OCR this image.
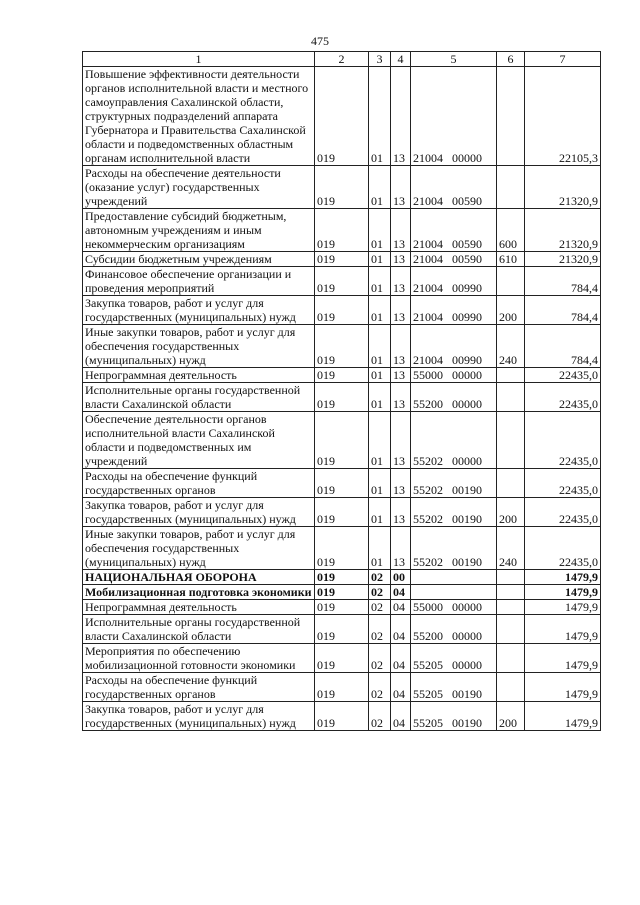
475
1	2	3	4	5	6	7
Повышение эффективности деятельности органов исполнительной власти и местного самоуправления Сахалинской области, структурных подразделений аппарата Губернатора и Правительства Сахалинской области и подведомственных областным органам исполнительной власти	019	01	13	21004 00000		22105,3
Расходы на обеспечение деятельности (оказание услуг) государственных учреждений	019	01	13	21004 00590		21320,9
Предоставление субсидий бюджетным, автономным учреждениям и иным некоммерческим организациям	019	01	13	21004 00590	600	21320,9
Субсидии бюджетным учреждениям	019	01	13	21004 00590	610	21320,9
Финансовое обеспечение организации и проведения мероприятий	019	01	13	21004 00990		784,4
Закупка товаров, работ и услуг для государственных (муниципальных) нужд	019	01	13	21004 00990	200	784,4
Иные закупки товаров, работ и услуг для обеспечения государственных (муниципальных) нужд	019	01	13	21004 00990	240	784,4
Непрограммная деятельность	019	01	13	55000 00000		22435,0
Исполнительные органы государственной власти Сахалинской области	019	01	13	55200 00000		22435,0
Обеспечение деятельности органов исполнительной власти Сахалинской области и подведомственных им учреждений	019	01	13	55202 00000		22435,0
Расходы на обеспечение функций государственных органов	019	01	13	55202 00190		22435,0
Закупка товаров, работ и услуг для государственных (муниципальных) нужд	019	01	13	55202 00190	200	22435,0
Иные закупки товаров, работ и услуг для обеспечения государственных (муниципальных) нужд	019	01	13	55202 00190	240	22435,0
НАЦИОНАЛЬНАЯ ОБОРОНА	019	02	00			1479,9
Мобилизационная подготовка экономики	019	02	04			1479,9
Непрограммная деятельность	019	02	04	55000 00000		1479,9
Исполнительные органы государственной власти Сахалинской области	019	02	04	55200 00000		1479,9
Мероприятия по обеспечению мобилизационной готовности экономики	019	02	04	55205 00000		1479,9
Расходы на обеспечение функций государственных органов	019	02	04	55205 00190		1479,9
Закупка товаров, работ и услуг для государственных (муниципальных) нужд	019	02	04	55205 00190	200	1479,9
